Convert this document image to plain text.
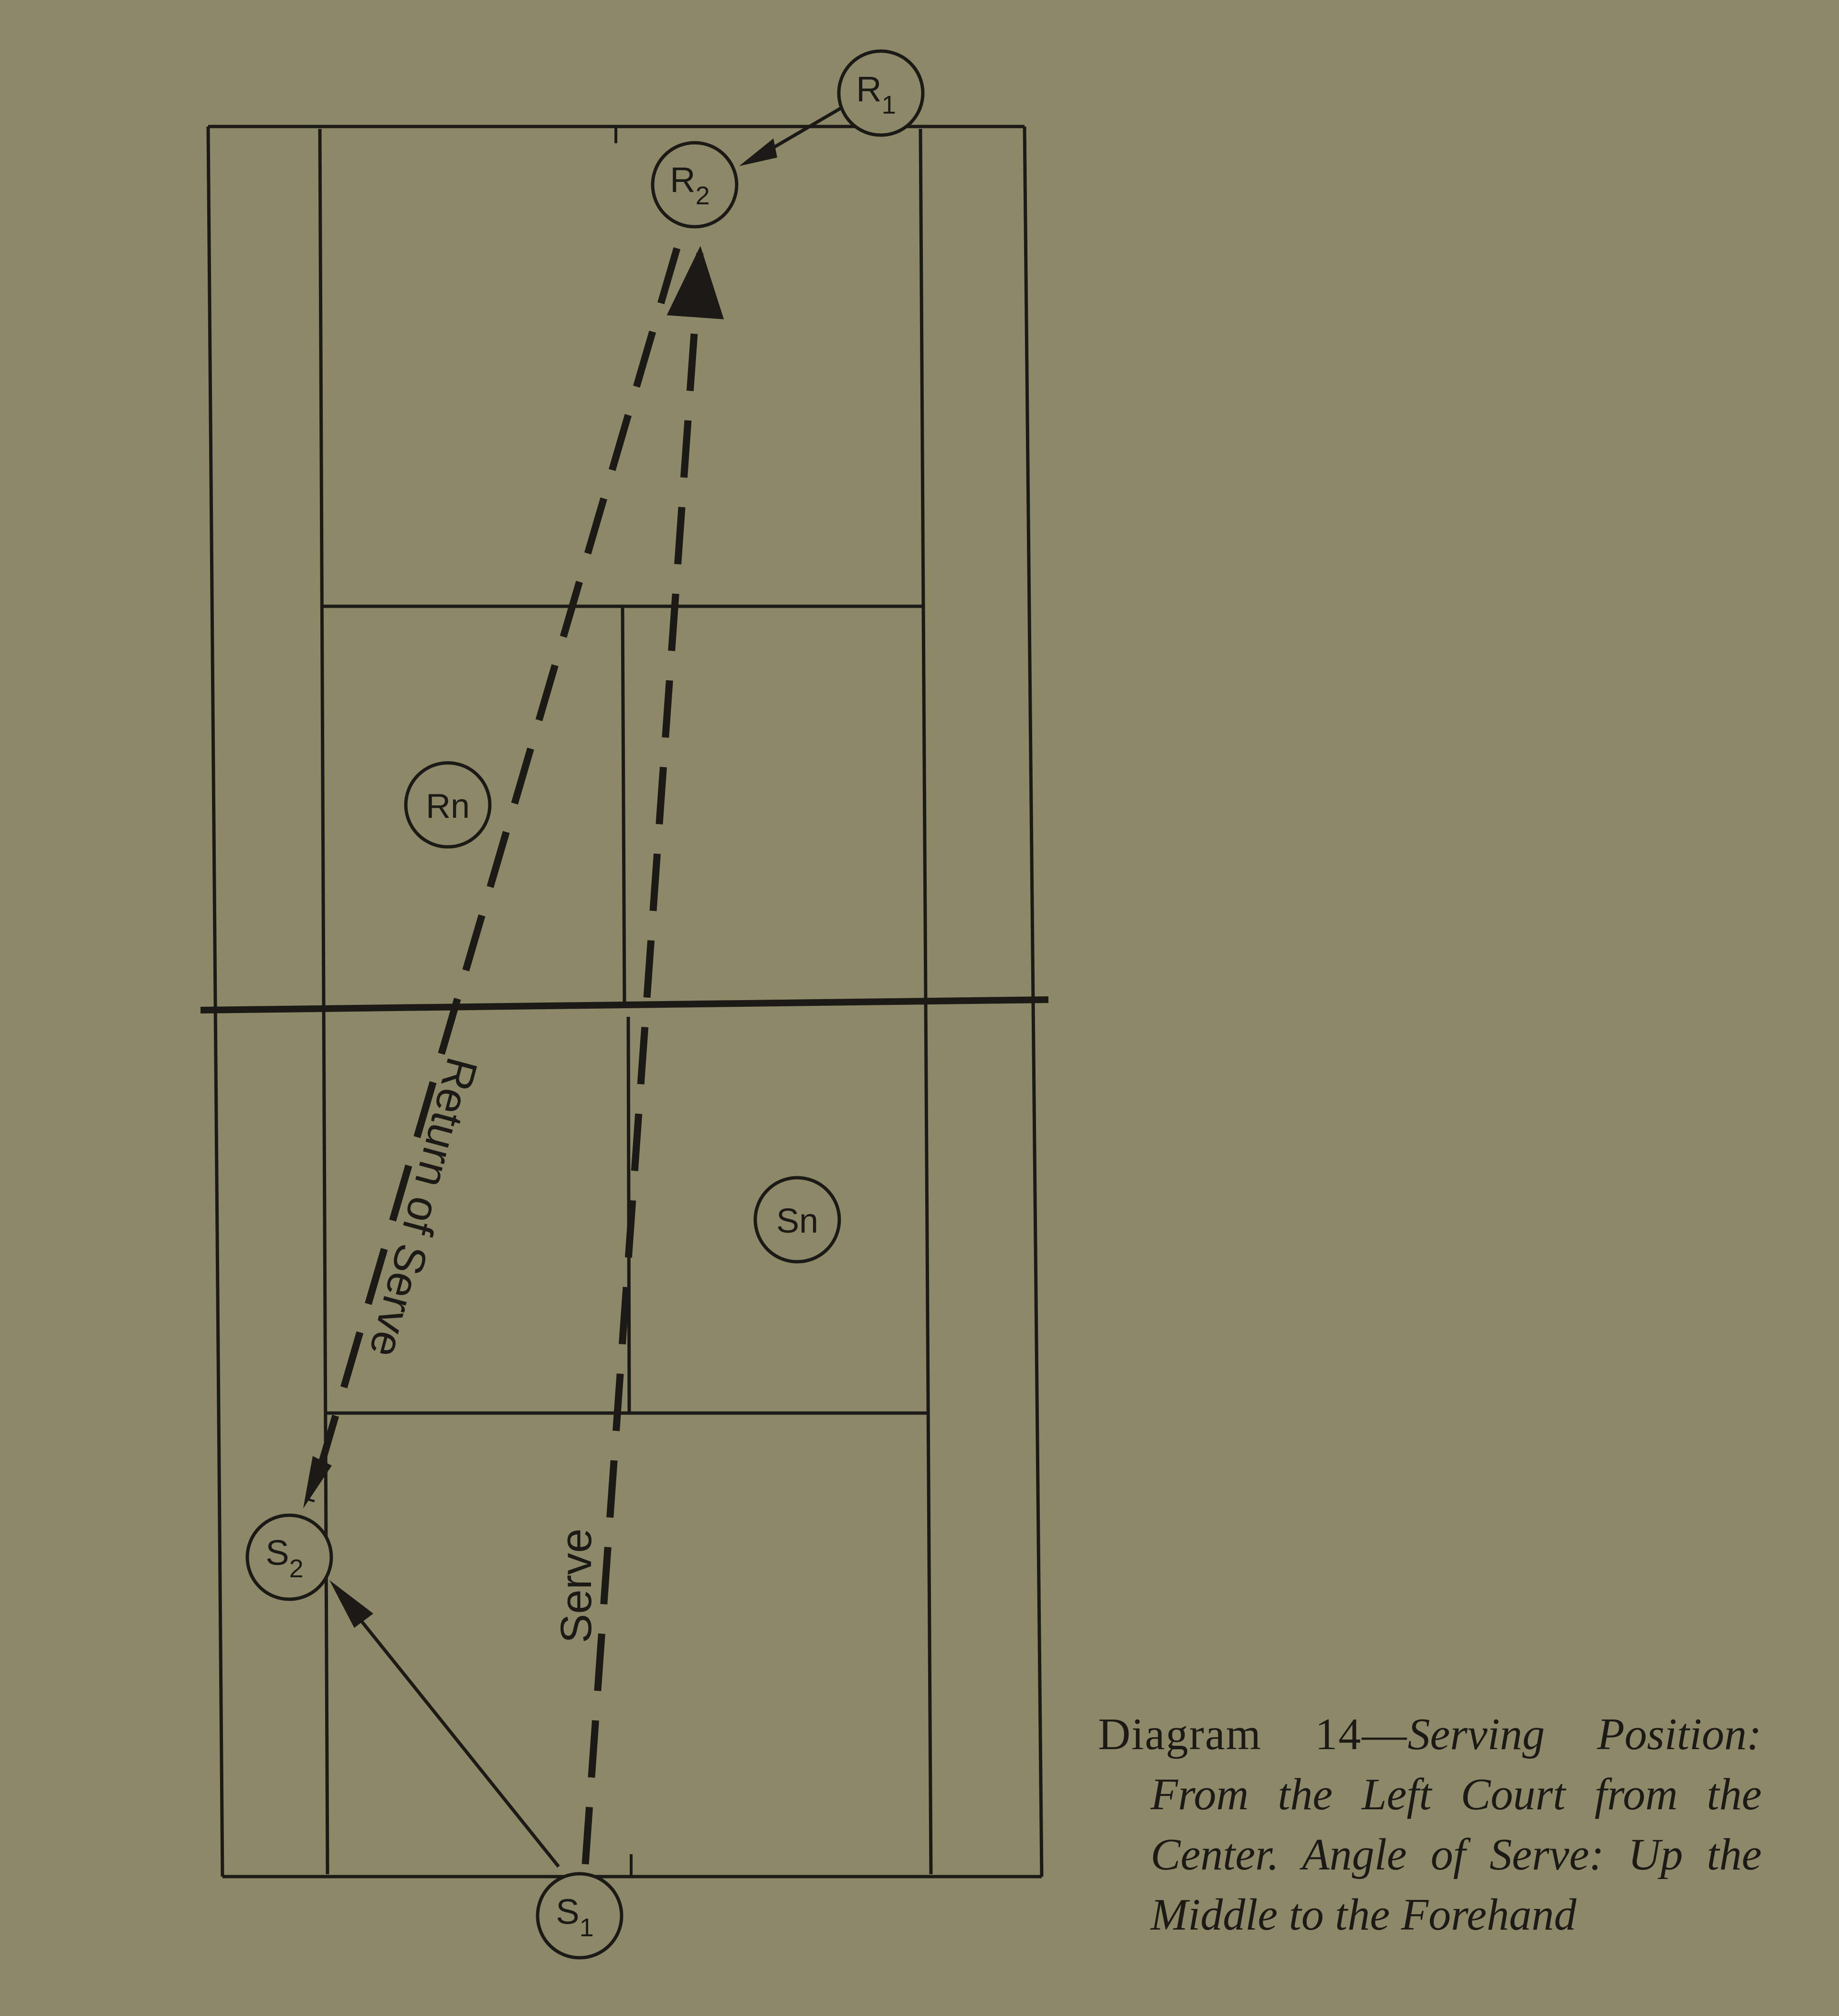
Return of Serve
Serve
$R_1$
$R_2$
Rn
Sn
$S_2$
$S_1$
Diagram 14—Serving Position:
From the Left Court from the
Center. Angle of Serve: Up the
Middle to the Forehand
